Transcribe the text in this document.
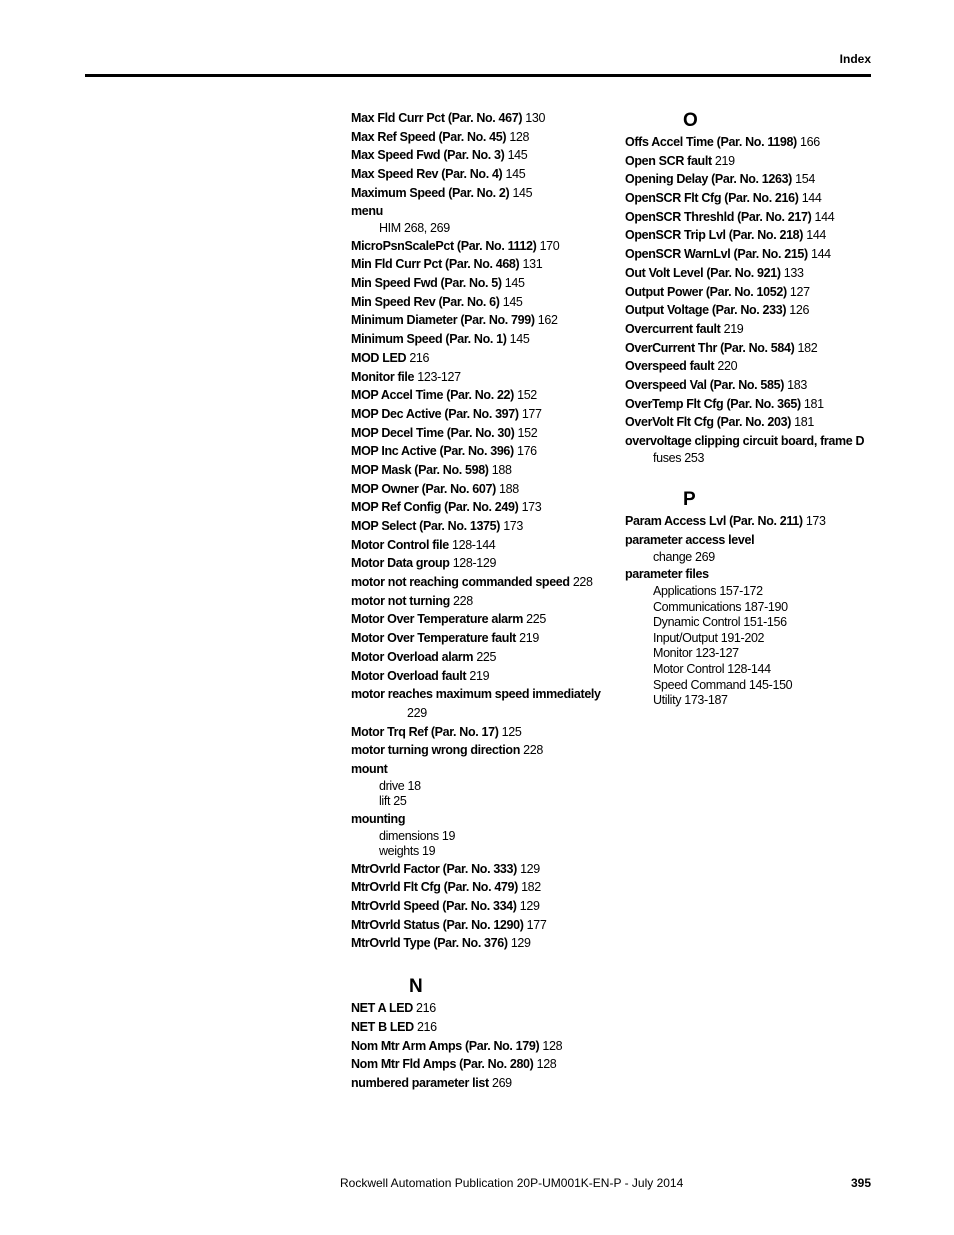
Index
Max Fld Curr Pct (Par. No. 467) 130
Max Ref Speed (Par. No. 45) 128
Max Speed Fwd (Par. No. 3) 145
Max Speed Rev (Par. No. 4) 145
Maximum Speed (Par. No. 2) 145
menu
HIM 268, 269
MicroPsnScalePct (Par. No. 1112) 170
Min Fld Curr Pct (Par. No. 468) 131
Min Speed Fwd (Par. No. 5) 145
Min Speed Rev (Par. No. 6) 145
Minimum Diameter (Par. No. 799) 162
Minimum Speed (Par. No. 1) 145
MOD LED 216
Monitor file 123-127
MOP Accel Time (Par. No. 22) 152
MOP Dec Active (Par. No. 397) 177
MOP Decel Time (Par. No. 30) 152
MOP Inc Active (Par. No. 396) 176
MOP Mask (Par. No. 598) 188
MOP Owner (Par. No. 607) 188
MOP Ref Config (Par. No. 249) 173
MOP Select (Par. No. 1375) 173
Motor Control file 128-144
Motor Data group 128-129
motor not reaching commanded speed 228
motor not turning 228
Motor Over Temperature alarm 225
Motor Over Temperature fault 219
Motor Overload alarm 225
Motor Overload fault 219
motor reaches maximum speed immediately
229
Motor Trq Ref (Par. No. 17) 125
motor turning wrong direction 228
mount
drive 18
lift 25
mounting
dimensions 19
weights 19
MtrOvrld Factor (Par. No. 333) 129
MtrOvrld Flt Cfg (Par. No. 479) 182
MtrOvrld Speed (Par. No. 334) 129
MtrOvrld Status (Par. No. 1290) 177
MtrOvrld Type (Par. No. 376) 129
N
NET A LED 216
NET B LED 216
Nom Mtr Arm Amps (Par. No. 179) 128
Nom Mtr Fld Amps (Par. No. 280) 128
numbered parameter list 269
O
Offs Accel Time (Par. No. 1198) 166
Open SCR fault 219
Opening Delay (Par. No. 1263) 154
OpenSCR Flt Cfg (Par. No. 216) 144
OpenSCR Threshld (Par. No. 217) 144
OpenSCR Trip Lvl (Par. No. 218) 144
OpenSCR WarnLvl (Par. No. 215) 144
Out Volt Level (Par. No. 921) 133
Output Power (Par. No. 1052) 127
Output Voltage (Par. No. 233) 126
Overcurrent fault 219
OverCurrent Thr (Par. No. 584) 182
Overspeed fault 220
Overspeed Val (Par. No. 585) 183
OverTemp Flt Cfg (Par. No. 365) 181
OverVolt Flt Cfg (Par. No. 203) 181
overvoltage clipping circuit board, frame D
fuses 253
P
Param Access Lvl (Par. No. 211) 173
parameter access level
change 269
parameter files
Applications 157-172
Communications 187-190
Dynamic Control 151-156
Input/Output 191-202
Monitor 123-127
Motor Control 128-144
Speed Command 145-150
Utility 173-187
Rockwell Automation Publication 20P-UM001K-EN-P - July 2014	395
